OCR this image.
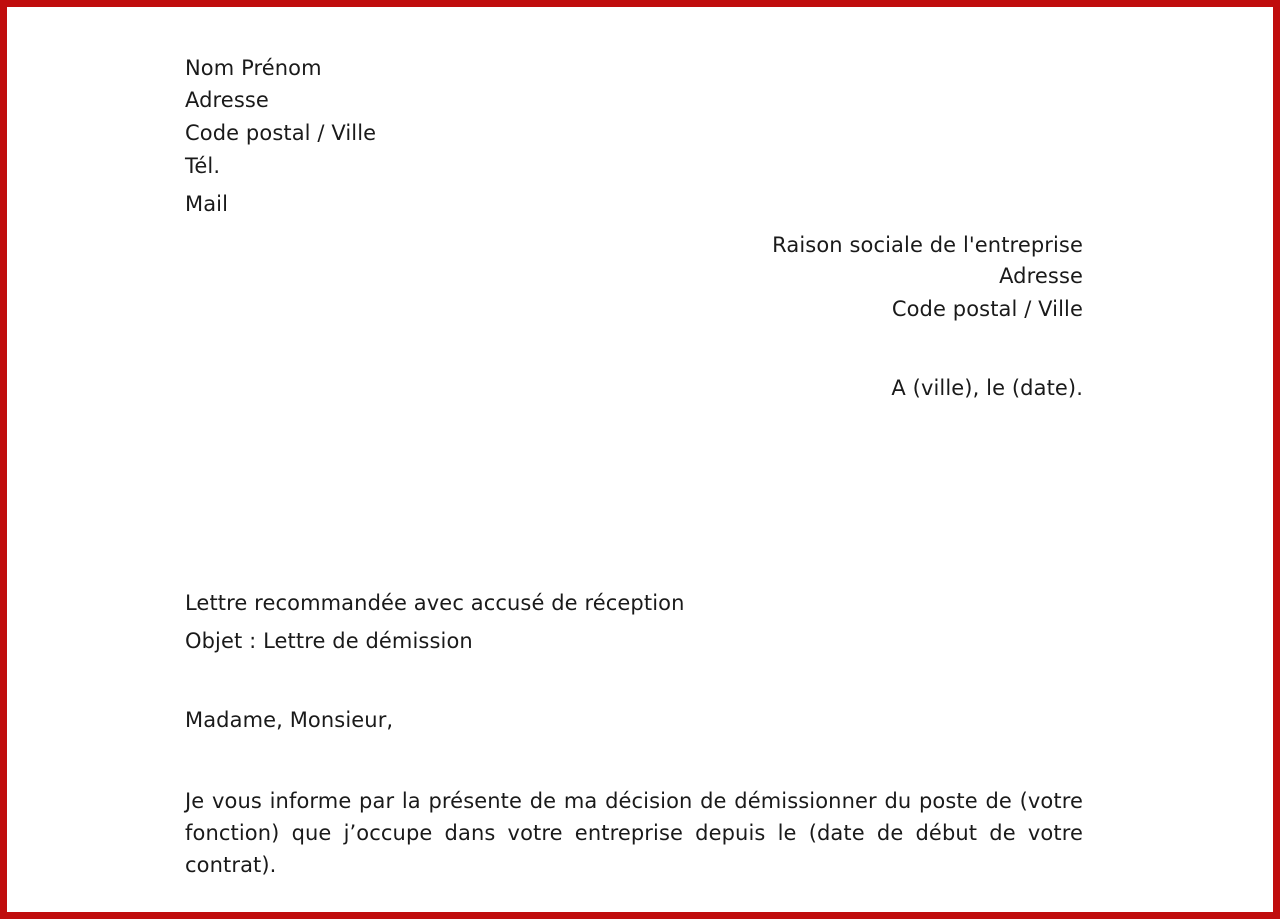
Nom Prénom
Adresse
Code postal / Ville
Tél.
Mail
Raison sociale de l'entreprise
Adresse
Code postal / Ville
A (ville), le (date).
Lettre recommandée avec accusé de réception
Objet : Lettre de démission
Madame, Monsieur,
Je vous informe par la présente de ma décision de démissionner du poste de (votre fonction) que j’occupe dans votre entreprise depuis le (date de début de votre contrat).
